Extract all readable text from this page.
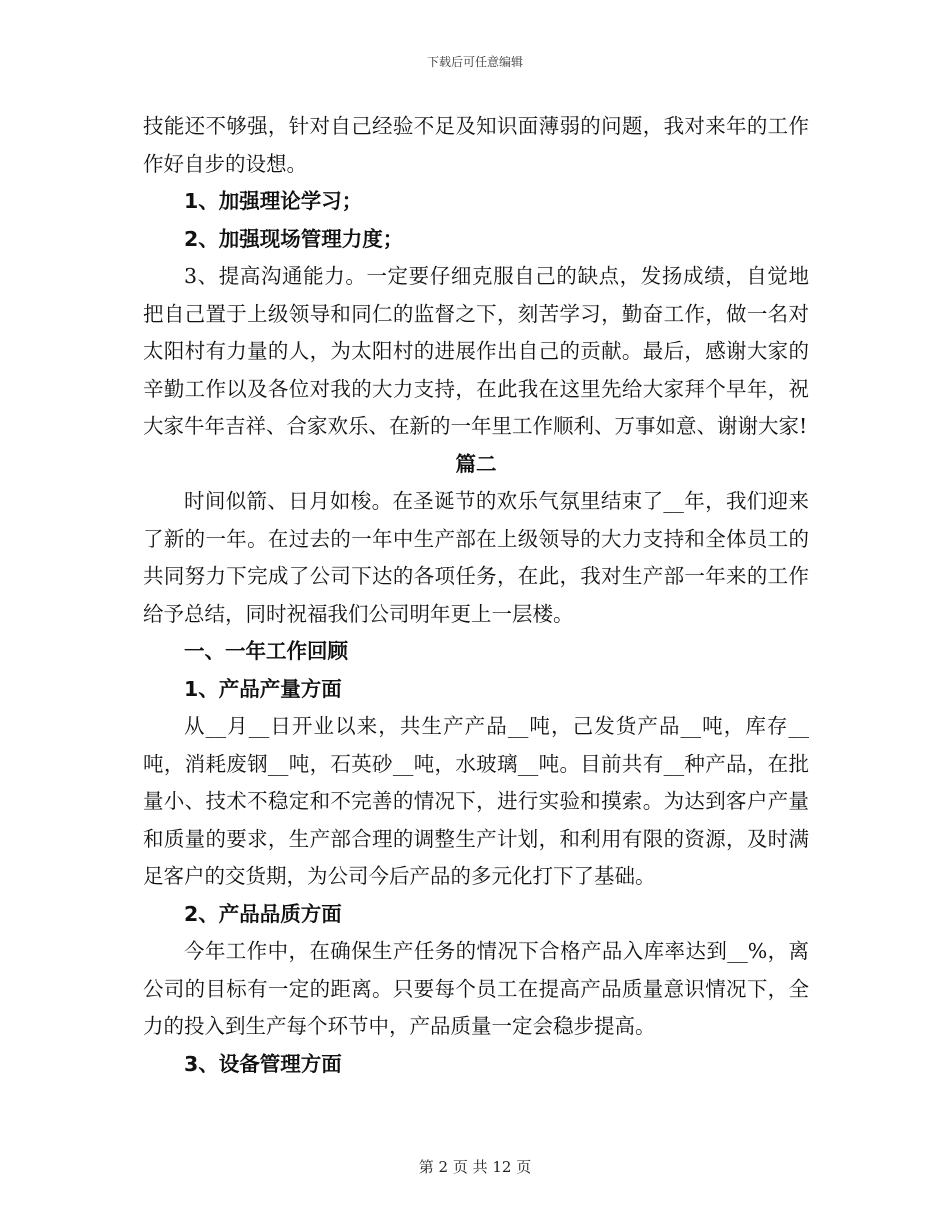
下载后可任意编辑

技能还不够强，针对自己经验不足及知识面薄弱的问题，我对来年的工作作好自步的设想。

1、加强理论学习；

2、加强现场管理力度；

3、提高沟通能力。一定要仔细克服自己的缺点，发扬成绩，自觉地把自己置于上级领导和同仁的监督之下，刻苦学习，勤奋工作，做一名对太阳村有力量的人，为太阳村的进展作出自己的贡献。最后，感谢大家的辛勤工作以及各位对我的大力支持，在此我在这里先给大家拜个早年，祝大家牛年吉祥、合家欢乐、在新的一年里工作顺利、万事如意、谢谢大家!

篇二

时间似箭、日月如梭。在圣诞节的欢乐气氛里结束了__年，我们迎来了新的一年。在过去的一年中生产部在上级领导的大力支持和全体员工的共同努力下完成了公司下达的各项任务，在此，我对生产部一年来的工作给予总结，同时祝福我们公司明年更上一层楼。

一、一年工作回顾

1、产品产量方面

从__月__日开业以来，共生产产品__吨，己发货产品__吨，库存__吨，消耗废钢__吨，石英砂__吨，水玻璃__吨。目前共有__种产品，在批量小、技术不稳定和不完善的情况下，进行实验和摸索。为达到客户产量和质量的要求，生产部合理的调整生产计划，和利用有限的资源，及时满足客户的交货期，为公司今后产品的多元化打下了基础。

2、产品品质方面

今年工作中，在确保生产任务的情况下合格产品入库率达到__%，离公司的目标有一定的距离。只要每个员工在提高产品质量意识情况下，全力的投入到生产每个环节中，产品质量一定会稳步提高。

3、设备管理方面

第 2 页 共 12 页
